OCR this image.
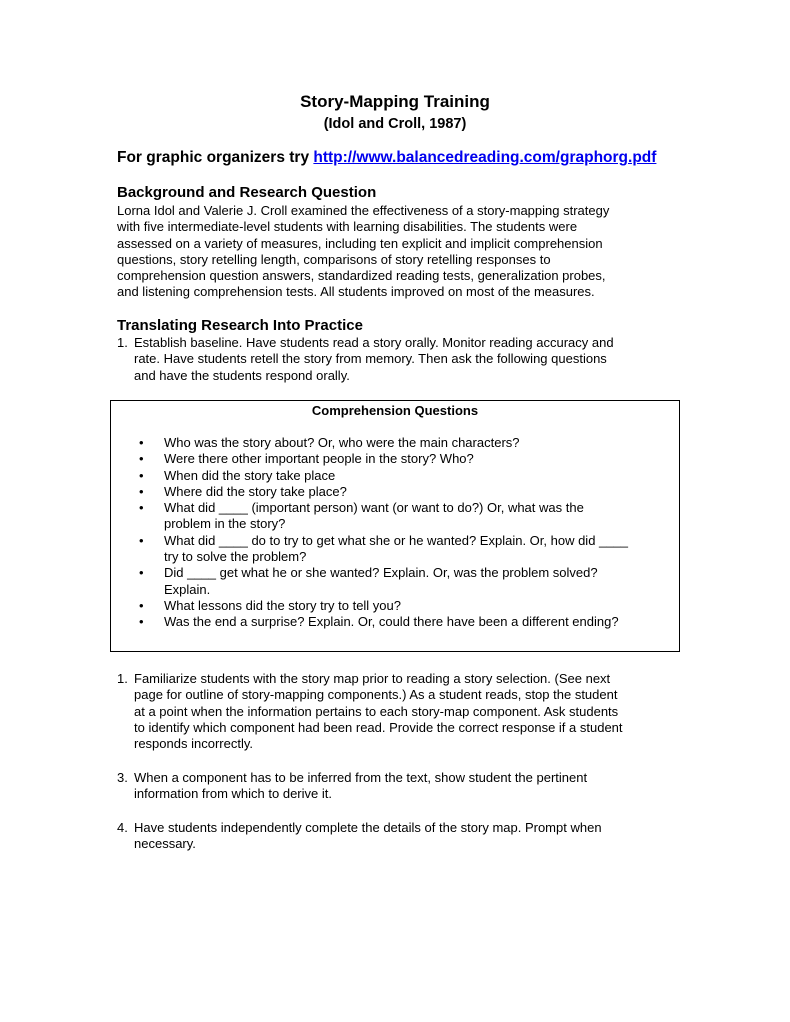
Story-Mapping Training
(Idol and Croll, 1987)
For graphic organizers try http://www.balancedreading.com/graphorg.pdf
Background and Research Question
Lorna Idol and Valerie J. Croll examined the effectiveness of a story-mapping strategy
with five intermediate-level students with learning disabilities. The students were
assessed on a variety of measures, including ten explicit and implicit comprehension
questions, story retelling length, comparisons of story retelling responses to
comprehension question answers, standardized reading tests, generalization probes,
and listening comprehension tests. All students improved on most of the measures.
Translating Research Into Practice
1. Establish baseline. Have students read a story orally. Monitor reading accuracy and
rate. Have students retell the story from memory. Then ask the following questions
and have the students respond orally.
Comprehension Questions
• Who was the story about? Or, who were the main characters?
• Were there other important people in the story? Who?
• When did the story take place
• Where did the story take place?
• What did ____ (important person) want (or want to do?) Or, what was the
problem in the story?
• What did ____ do to try to get what she or he wanted? Explain. Or, how did ____
try to solve the problem?
• Did ____ get what he or she wanted? Explain. Or, was the problem solved?
Explain.
• What lessons did the story try to tell you?
• Was the end a surprise? Explain. Or, could there have been a different ending?
1. Familiarize students with the story map prior to reading a story selection. (See next
page for outline of story-mapping components.) As a student reads, stop the student
at a point when the information pertains to each story-map component. Ask students
to identify which component had been read. Provide the correct response if a student
responds incorrectly.
3. When a component has to be inferred from the text, show student the pertinent
information from which to derive it.
4. Have students independently complete the details of the story map. Prompt when
necessary.
